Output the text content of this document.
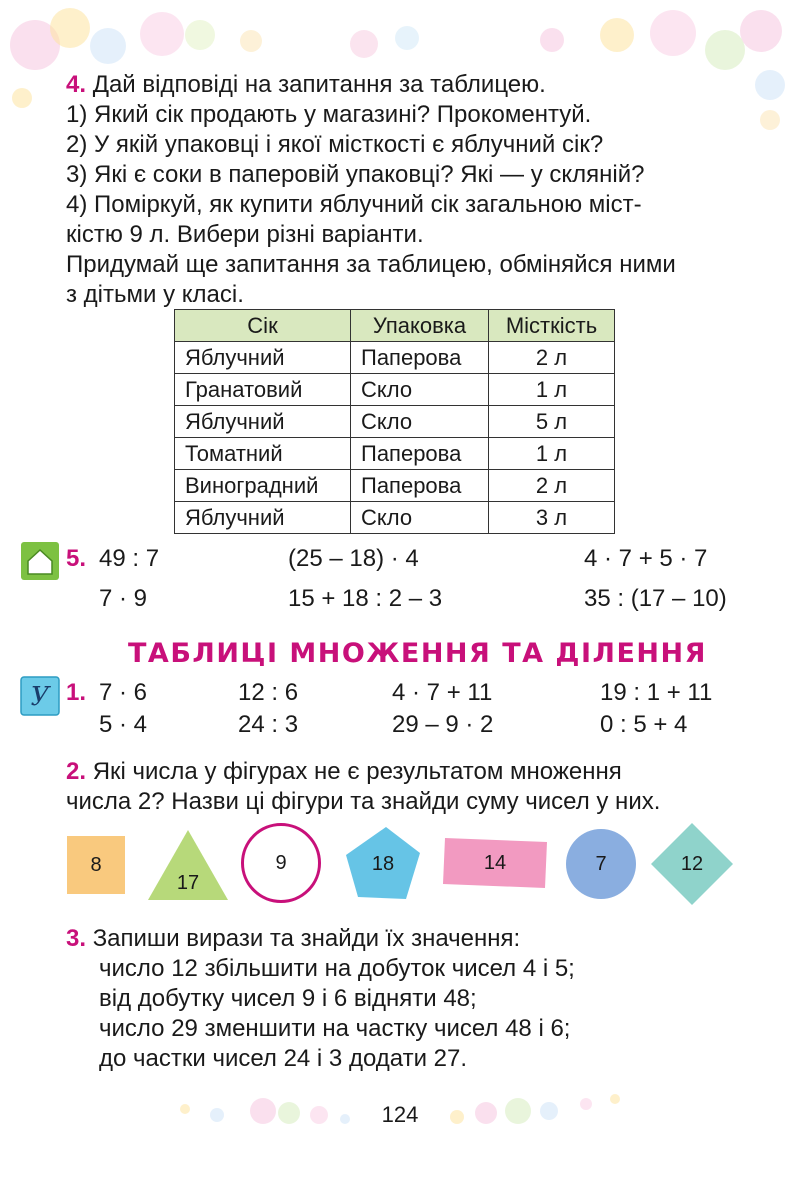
4. Дай відповіді на запитання за таблицею.
1) Який сік продають у магазині? Прокоментуй.
2) У якій упаковці і якої місткості є яблучний сік?
3) Які є соки в паперовій упаковці? Які — у скляній?
4) Поміркуй, як купити яблучний сік загальною міст-
кістю 9 л. Вибери різні варіанти.
Придумай ще запитання за таблицею, обміняйся ними
з дітьми у класі.
Сік	Упаковка	Місткість
Яблучний	Паперова	2 л
Гранатовий	Скло	1 л
Яблучний	Скло	5 л
Томатний	Паперова	1 л
Виноградний	Паперова	2 л
Яблучний	Скло	3 л
5. 49 : 7	(25 – 18) · 4	4 · 7 + 5 · 7
7 · 9	15 + 18 : 2 – 3	35 : (17 – 10)
ТАБЛИЦІ МНОЖЕННЯ ТА ДІЛЕННЯ
У 1. 7 · 6	12 : 6	4 · 7 + 11	19 : 1 + 11
5 · 4	24 : 3	29 – 9 · 2	0 : 5 + 4
2. Які числа у фігурах не є результатом множення
числа 2? Назви ці фігури та знайди суму чисел у них.
8
17
9	18	14	7	12
3. Запиши вирази та знайди їх значення:
число 12 збільшити на добуток чисел 4 і 5;
від добутку чисел 9 і 6 відняти 48;
число 29 зменшити на частку чисел 48 і 6;
до частки чисел 24 і 3 додати 27.
124
